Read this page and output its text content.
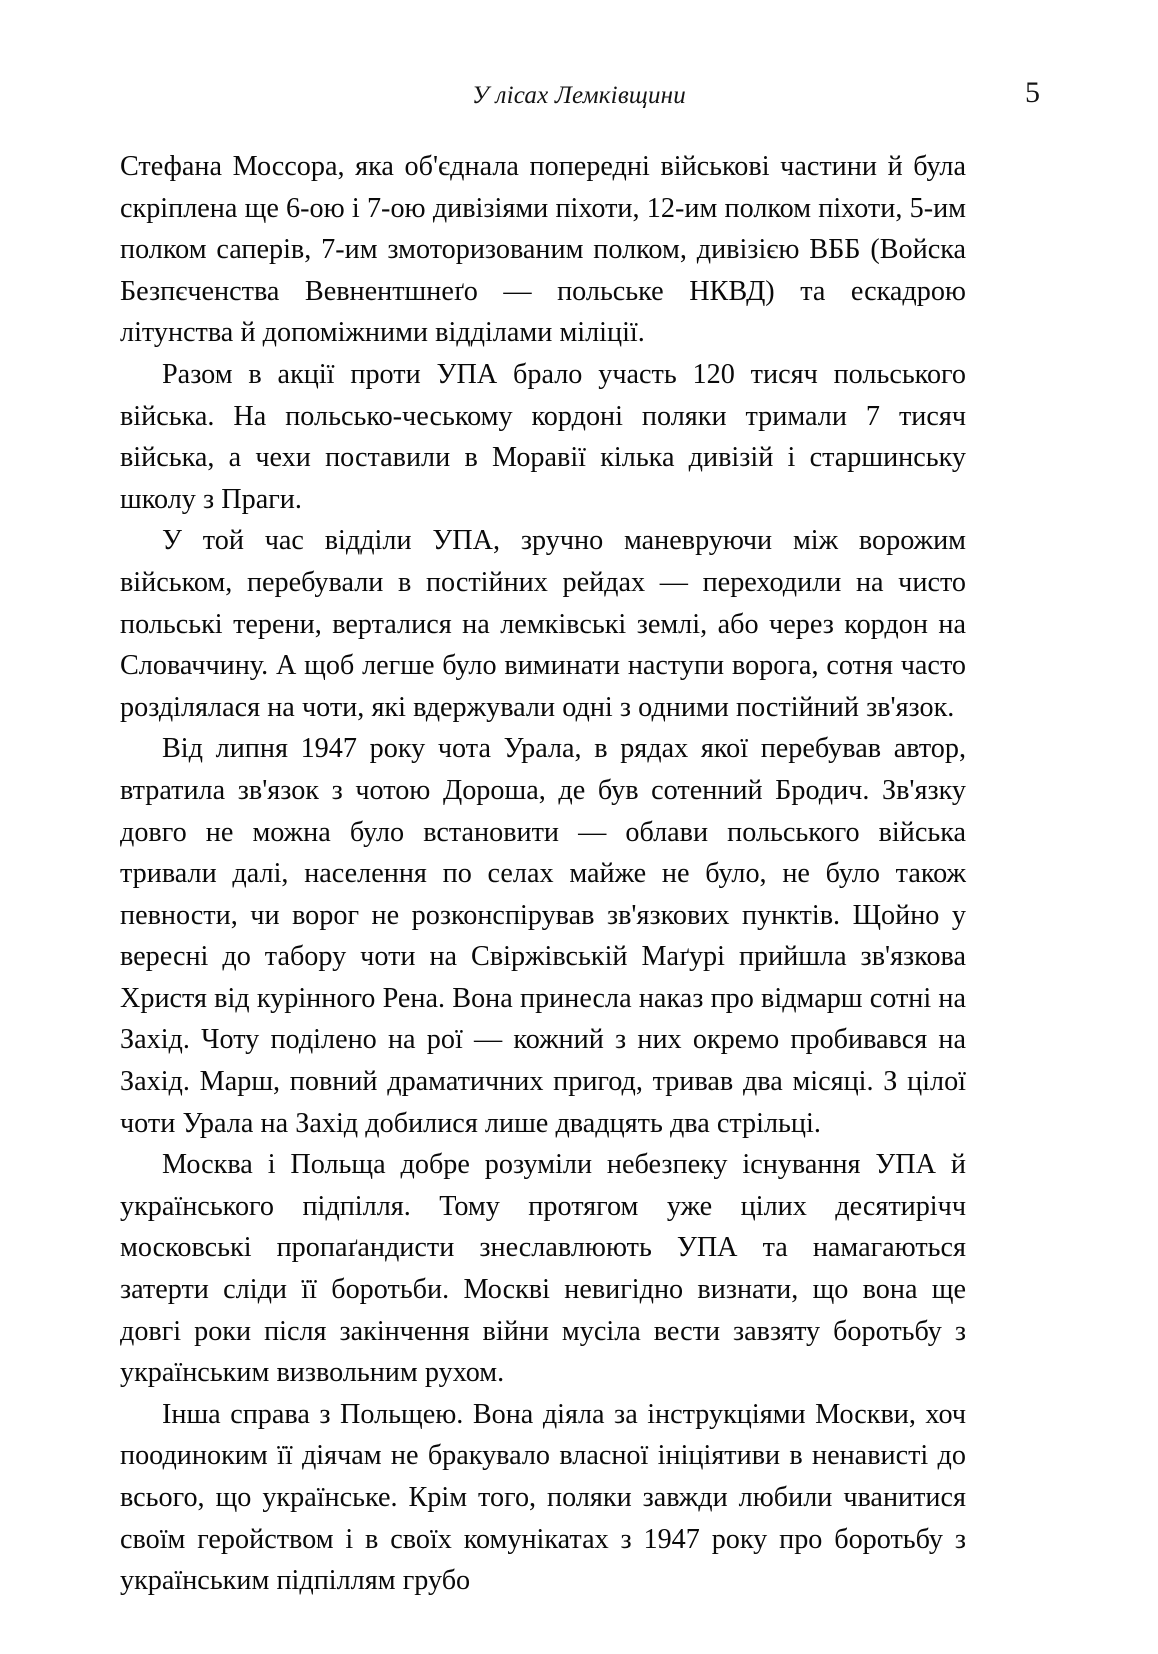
У лісах Лемківщини	5

Стефана Моссора, яка об'єднала попередні військові частини й була скріплена ще 6-ою і 7-ою дивізіями піхоти, 12-им полком піхоти, 5-им полком саперів, 7-им змоторизованим полком, дивізією ВББ (Войска Безпєченства Вевнентшнеґо — польське НКВД) та ескадрою літунства й допоміжними відділами міліції.

Разом в акції проти УПА брало участь 120 тисяч польського війська. На польсько-чеському кордоні поляки тримали 7 тисяч війська, а чехи поставили в Моравії кілька дивізій і старшинську школу з Праги.

У той час відділи УПА, зручно маневруючи між ворожим військом, перебували в постійних рейдах — переходили на чисто польські терени, верталися на лемківські землі, або через кордон на Словаччину. А щоб легше було виминати наступи ворога, сотня часто розділялася на чоти, які вдержували одні з одними постійний зв'язок.

Від липня 1947 року чота Урала, в рядах якої перебував автор, втратила зв'язок з чотою Дороша, де був сотенний Бродич. Зв'язку довго не можна було встановити — облави польського війська тривали далі, населення по селах майже не було, не було також певности, чи ворог не розконспірував зв'язкових пунктів. Щойно у вересні до табору чоти на Свіржівській Маґурі прийшла зв'язкова Христя від курінного Рена. Вона принесла наказ про відмарш сотні на Захід. Чоту поділено на рої — кожний з них окремо пробивався на Захід. Марш, повний драматичних пригод, тривав два місяці. З цілої чоти Урала на Захід добилися лише двадцять два стрільці.

Москва і Польща добре розуміли небезпеку існування УПА й українського підпілля. Тому протягом уже цілих десятирічч московські пропаґандисти знеславлюють УПА та намагаються затерти сліди її боротьби. Москві невигідно визнати, що вона ще довгі роки після закінчення війни мусіла вести завзяту боротьбу з українським визвольним рухом.

Інша справа з Польщею. Вона діяла за інструкціями Москви, хоч поодиноким її діячам не бракувало власної ініціятиви в ненависті до всього, що українське. Крім того, поляки завжди любили чванитися своїм геройством і в своїх комунікатах з 1947 року про боротьбу з українським підпіллям грубо
